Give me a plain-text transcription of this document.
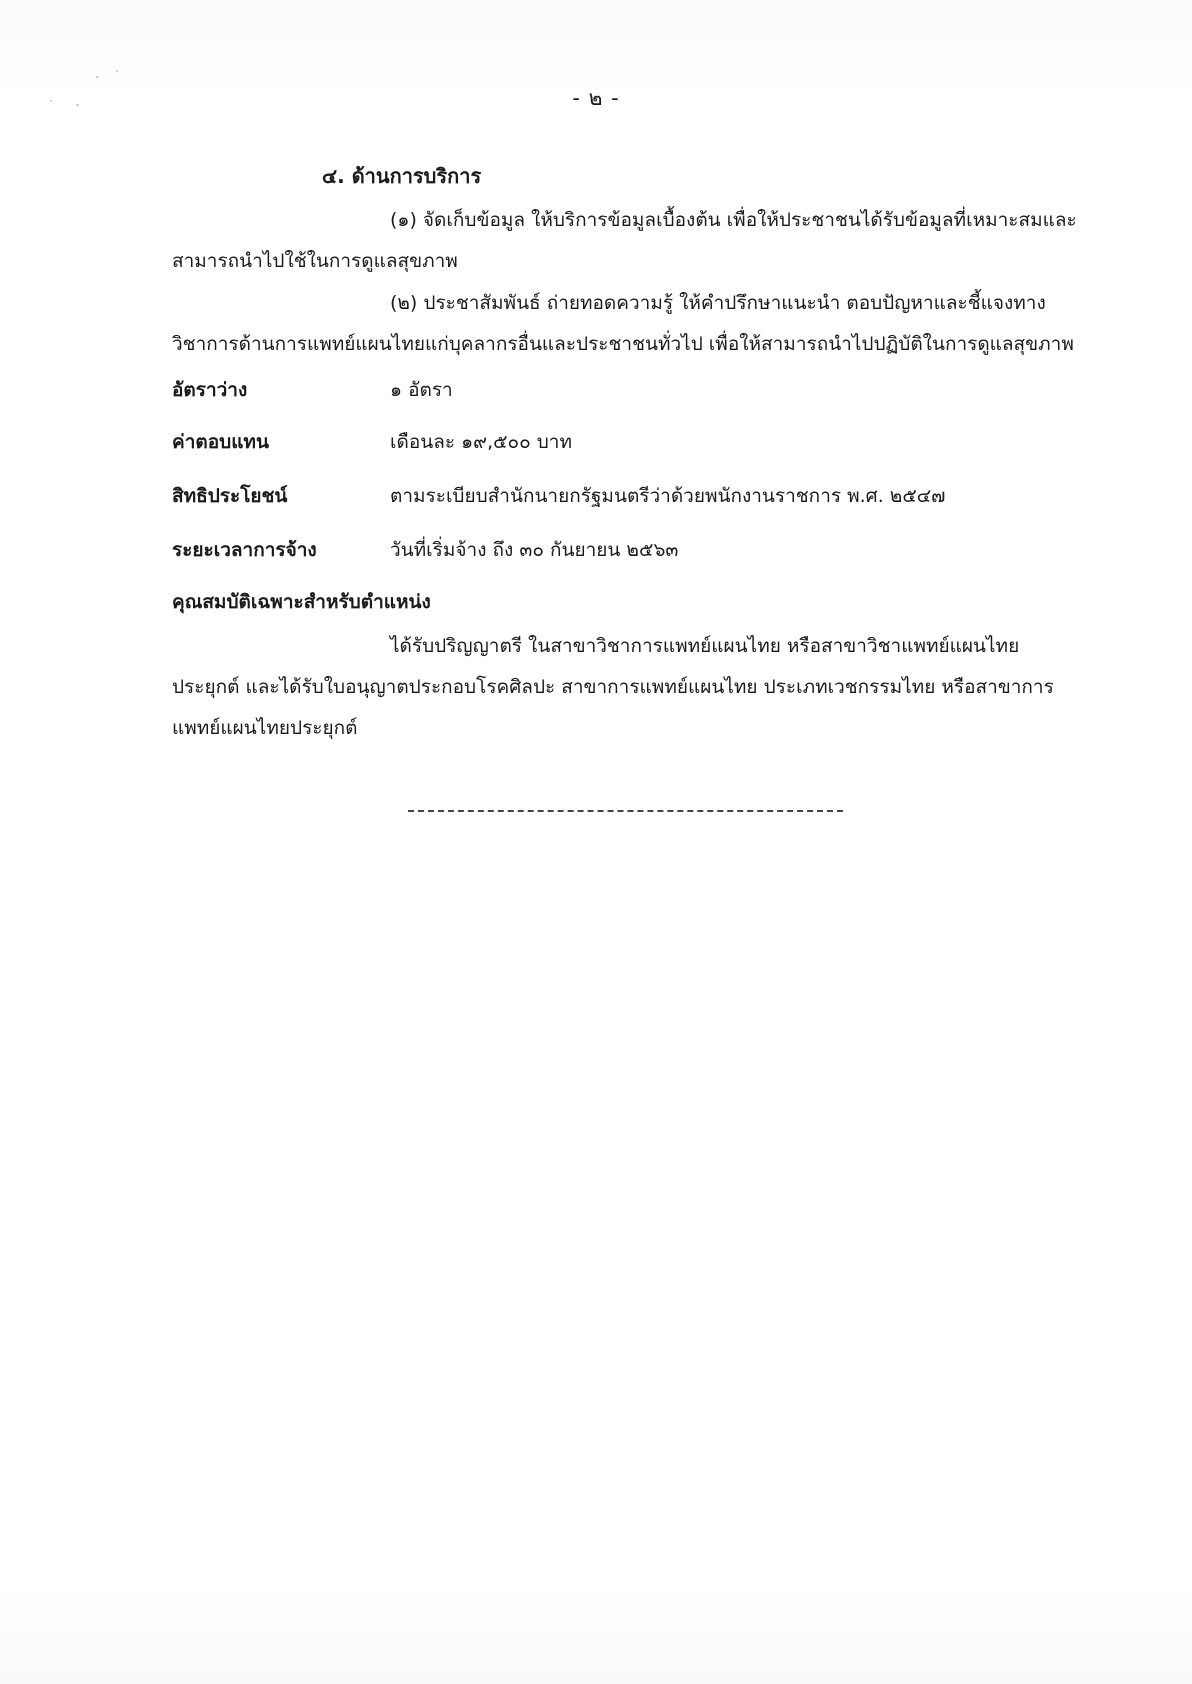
- ๒ -
๔. ด้านการบริการ
(๑) จัดเก็บข้อมูล ให้บริการข้อมูลเบื้องต้น เพื่อให้ประชาชนได้รับข้อมูลที่เหมาะสมและสามารถนำไปใช้ในการดูแลสุขภาพ
(๒) ประชาสัมพันธ์ ถ่ายทอดความรู้ ให้คำปรึกษาแนะนำ ตอบปัญหาและชี้แจงทางวิชาการด้านการแพทย์แผนไทยแก่บุคลากรอื่นและประชาชนทั่วไป เพื่อให้สามารถนำไปปฏิบัติในการดูแลสุขภาพ
อัตราว่าง	๑ อัตรา
ค่าตอบแทน	เดือนละ ๑๙,๕๐๐ บาท
สิทธิประโยชน์	ตามระเบียบสำนักนายกรัฐมนตรีว่าด้วยพนักงานราชการ พ.ศ. ๒๕๔๗
ระยะเวลาการจ้าง	วันที่เริ่มจ้าง ถึง ๓๐ กันยายน ๒๕๖๓
คุณสมบัติเฉพาะสำหรับตำแหน่ง
ได้รับปริญญาตรี ในสาขาวิชาการแพทย์แผนไทย หรือสาขาวิชาแพทย์แผนไทยประยุกต์ และได้รับใบอนุญาตประกอบโรคศิลปะ สาขาการแพทย์แผนไทย ประเภทเวชกรรมไทย หรือสาขาการแพทย์แผนไทยประยุกต์
